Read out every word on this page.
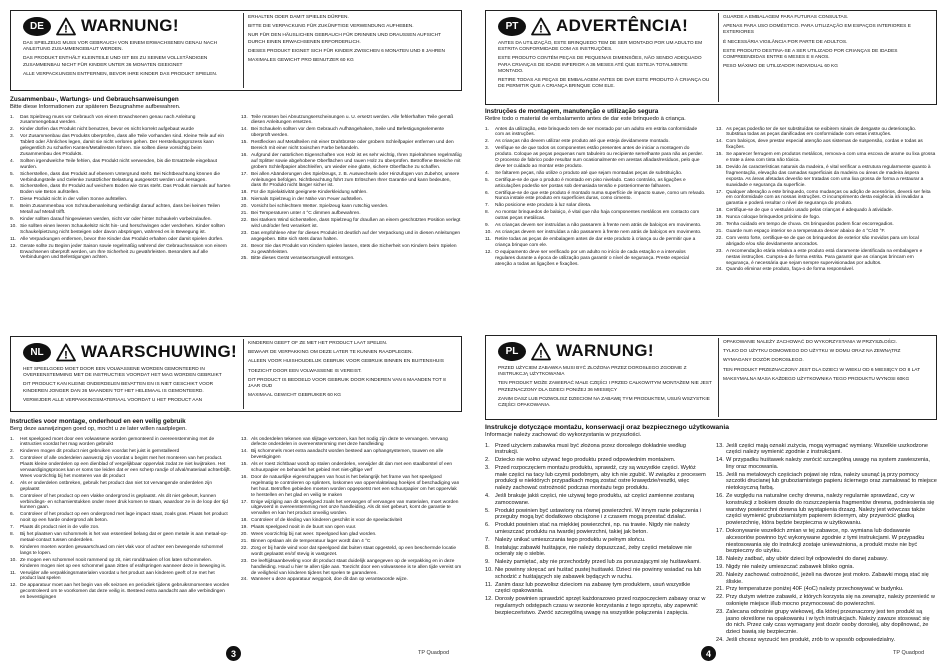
DE	! WARNUNG!

DAS SPIELZEUG MUSS VOR GEBRAUCH VON EINEM ERWACHSENEN GENAU NACH ANLEITUNG ZUSAMMENGEBAUT WERDEN.

DAS PRODUKT ENTHÄLT KLEINTEILE UND IST BIS ZU SEINEM VOLLSTÄNDIGEN ZUSAMMENBAU NICHT FÜR KINDER UNTER 36 MONATEN GEEIGNET

ALLE VERPACKUNGEN ENTFERNEN, BEVOR IHRE KINDER DAS PRODUKT SPIELEN.

ERHALTEN ODER DAMIT SPIELEN DÜRFEN.

BITTE DIE VERPACKUNG FÜR ZUKÜNFTIGE VERWENDUNG AUFHEBEN.

NUR FÜR DEN HÄUSLICHEN GEBRAUCH FÜR DRINNEN UND DRAUSSEN AUFSICHT DURCH EINEN ERWACHSENEN ERFORDERLICH.

DIESES PRODUKT EIGNET SICH FÜR KINDER ZWISCHEN 6 MONATEN UND 8 JAHREN

MAXIMALES GEWICHT PRO BENUTZER 60 KG

Zusammenbau-, Wartungs- und Gebrauchsanweisungen
Bitte diese Informationen zur späteren Bezugnahme aufbewahren.
1.	Das Spielzeug muss vor Gebrauch von einem Erwachsenen genau nach Anleitung zusammengebaut werden.
2.	Kinder dürfen das Produkt nicht benutzen, bevor es nicht korrekt aufgebaut wurde
3.	Vor Zusammenbau das Produkts überprüfen, dass alle Teile vorhanden sind. Kleine Teile auf ein Tablett oder Ähnliches legen, damit sie nicht verloren gehen. Der Herstellungsprozess kann gelegentlich zu scharfen Kanten/Metallresten führen. Sie sollten diese vorsichtig beim Zusammenbau des Produkts.
4.	Sollten irgendwelche Teile fehlen, das Produkt nicht verwenden, bis die Ersatzteile eingebaut wurden.
5.	Sicherstellen, dass das Produkt auf ebenem Untergrund steht. Bei Nichtbeachtung können die Verbindungsteile und Gelenke zusätzlicher Belastung ausgesetzt werden und versagen.
6.	Sicherstellen, dass Ihr Produkt auf weichem Boden wie Gras steht. Das Produkt niemals auf harten Boden wie Beton aufstellen.
7.	Diese Produkt nicht in der vollen Sonne aufstellen.
8.	Beim Zusammenbau von Schraubenanleitung verbindigt darauf achten, dass bei keinen Teilen Metall auf Metall trifft.
9.	Kinder sollten darauf hingewiesen werden, nicht vor oder hinter Schaukeln vorbeizulaufen.
10. Sie sollten einen leeren Schaukelsitz nicht hin- und herschwingen oder verdrehen. Kinder sollten Schaukelpietzung nicht besteigen oder davon abspringen, während es in Bewegung ist.
11. Alle Verpackungen entfernen, bevor Ihre Kinder das Produkt erhalten oder damit spielen dürfen.
12. Gerate sollte zu Beginn jeder Saison sowie regelmäßig während der Gebrauchssaison von einem Erwachsenen überprüft werden, um Ihre Sicherheit zu gewährleisten. Besonders auf alle Verbindungen und Befestigungen achten.
13. Teile müssen bei Abnutzungserscheinungen u. U. ersetzt werden. Alle fehlerhaften Teile gemäß diesen Anleitungen ersetzen.
14. Bei Schaukeln sollten vor dem Gebrauch Aufhängehaken, Seile und Befestigungselemente überprüft werden.
15. Restflecken auf Metallteilen mit einer Drahtbürste oder grobem Schleifpapier entfernen und den Bereich mit einer nicht toxischen Farbe behandeln.
16. Aufgrund der natürlichen Eigenschaften von Holz ist es sehr wichtig, Ihren Spielrahmen regelmäßig auf Splitter sowie abgehobene Oberflächen und rauen Holz zu überprüfen. Betroffene Bereiche mit grobem Schleifpapier abschleifen, um wieder eine glatte, sichere Oberfläche zu schaffen.
17. Bei allen Abänderungen des Spielzeugs, z. B. Auswechseln oder Hinzufügen von Zubehör, unsere Anleitungen befolgen. Nichtbeachtung führt zum Erlöschen Ihrer Garantie und kann bedeuten, dass Ihr Produkt nicht länger sicher ist.
18. Für die Spielaktivität geeignete Kinderkleidung wählen.
19. Niemals Spielzeug in der Nähe von Feuer aufstellen.
20. Vorsicht bei schlechtem Wetter. Spielzeug kann rutschig werden.
21. Bei Temperaturen unter 4 °C dimmen aufbewahren.
22. Bei starkem Wind sicherstellen, dass Spielzeug für draußen an einem geschützten Position verlegt wird und/oder fest verankert ist.
23. Das empfohlene Alter für dieses Produkt ist deutlich auf der Verpackung und in diesen Anleitungen angegeben. Bitte sich stets daran halten.
24. Bevor Sie das Produkt von Kindern spielen lassen, stets die Sicherheit von Kindern beim Spielen zu gewährleisten.
25. Bitte dieses Gerät verantwortungsvoll entsorgen.
NL	! WAARSCHUWING!

HET SPEELGOED MOET DOOR EEN VOLWASSENE WORDEN GEMONTEERD IN OVEREENSTEMMING MET DE INSTRUCTIES VOORDAT HET MAG WORDEN GEBRUIKT

DIT PRODUCT KAN KLEINE ONDERDELEN BEVATTEN EN IS NIET GESCHIKT VOOR KINDEREN JONGER DAN 36 MAANDEN TOT HET HELEMAAL IS GEMONTEERD.

VERWIJDER ALLE VERPAKKINGSMATERIAAL VOORDAT U HET PRODUCT AAN

KINDEREN GEEFT OF ZE MET HET PRODUCT LAAT SPELEN.

BEWAAR DE VERPAKKING OM DEZE LATER TE KUNNEN RAADPLEGEN.

ALLEEN VOOR HUISHOUDELIJK GEBRUIK VOOR GEBRUIK BINNEN EN BUITENSHUIS

TOEZICHT DOOR EEN VOLWASSENE IS VEREIST.

DIT PRODUCT IS BEDOELD VOOR GEBRUIK DOOR KINDEREN VAN 6 MAANDEN TOT 8 JAAR OUD

MAXIMAAL GEWICHT GEBRUIKER 60 KG

Instructies voor montage, onderhoud en een veilig gebruik
Berg deze aanwijzingen goed op, mocht u ze later willen raadplegen.
1.	Het speelgoed moet door een volwassene worden gemonteerd in overeenstemming met de instructies voordat het mag worden gebruikt
2.	Kinderen mogen dit product niet gebruiken voordat het juist is geïnstalleerd
3.	Controleer of alle onderdelen aanwezig zijn voordat u begint met het monteren van het product. Plaats kleine onderdelen op een dienblad of vergelijkbaar oppervlak zodat ze niet kwijtraken. Het vervaardigingsproces kan er soms toe leiden dat er een scherp randje of afval/materiaal achterblijft. Wees voorzichtig bij het monteren van dit product
4.	Als er onderdelen ontbreken, gebruik het product dan niet tot vervangende onderdelen zijn geplaatst
5.	Controleer of het product op een vlakke ondergrond is geplaatst. Als dit niet gebeurt, kunnen verbindings- en scharnierstukken onder meer druk komen te staan, waardoor ze in de loop der tijd kunnen gaan.
6.	Controleer of het product op een ondergrond met lage impact staat, zoals gras. Plaats het product nooit op een harde ondergrond als beton.
7.	Plaats dit product niet in de volle zon.
8.	Bij het plaatsen van schommels is het van essentieel belang dat er geen metale is aan metaal-op-metaal-contact tussen onderdelen.
9.	Kinderen moeten worden gewaarschuwd om niet vlak voor of achter een bewegende schommel langs te lopen.
10. Ze mogen een schommel nooit rammend op zit, niet ronddraaien of los laten schommelen. Kinderen mogen niet op een schommel gaan zitten of erafspringen wanneer deze in beweging is.
11. Verwijder alle verpakkingsmaterialen voordat u het product aan kinderen geeft of ze met het product laat spelen
12. De apparatuur moet aan het begin van elk seizoen en periodiek tijdens gebruiksmomenten worden gecontroleerd om te voorkomen dat deze veilig is. Besteed extra aandacht aan alle verbindingen en bevestigingen
13. Als onderdelen tekenen van slijtage vertonen, kan het nodig zijn deze te vervangen. Vervang defecte onderdelen in overeenstemming met deze handleiding
14. Bij schommels moet extra aandacht worden besteed aan ophangsystemen, touwen en alle bevestigingen
15. Als er roest zichtbaar wordt op stalen onderdelen, verwijder dit dan met een staalborstel of een schuurpapier en behandel het gebied met niet-giftige verf
16. Door de natuurlijke eigenschappen van hout is het belangrijk het frame van het speelgoed regelmatig te controleren op splinters, loskomen van oppervlaktelaag hoekjes of beschadiging van het hout. Betroffen gebieden moeten worden opgepoetst met een schuurpapier om het oppervlak te herstellen en het glad en veilig te maken
17. Enige wijziging aan dit speelgoed zoals het vervangen of vervangen van materialen, moet worden uitgevoerd in overeenstemming met onze handleiding. Als dit niet gebeurt, komt de garantie te vervallen en kan het product onveilig worden.
18. Controleer of de kleding van kinderen geschikt is voor de speelactiviteit
19. Plaats speelgoed nooit in de buurt van open vuur.
20. Wees voorzichtig bij nat weer. Speelgoed kan glad worden.
21. Binnen opslaan als de temperatuur lager wordt dan 4 °C
22. Zorg er bij harde wind voor dat speelgoed dat buiten staat opgesteld, op een beschermde locatie wordt geplaatst en/of stevig is vastgezet.
23. De leeftijdsaanbeveling voor dit product staat duidelijk aangegeven op de verpakking en in deze handleiding. Houd u hier te allen tijde aan. Toezicht door een volwassene is te allen tijde vereist om de veiligheid van kinderen tijdens het spelen te garanderen.
24. Wanneer u deze apparatuur weggooit, doe dit dan op verantwoorde wijze.
3	TP Quadpod
PT	! ADVERTÊNCIA!

ANTES DA UTILIZAÇÃO, ESTE BRINQUEDO TEM DE SER MONTADO POR UM ADULTO EM ESTRITA CONFORMIDADE COM AS INSTRUÇÕES.

ESTE PRODUTO CONTÉM PEÇAS DE PEQUENAS DIMENSÕES, NÃO SENDO ADEQUADO PARA CRIANÇAS DE IDADE INFERIOR A 36 MESES ATÉ QUE ESTEJA TOTALMENTE MONTADO.

RETIRE TODAS AS PEÇAS DE EMBALAGEM ANTES DE DAR ESTE PRODUTO À CRIANÇA OU DE PERMITIR QUE A CRIANÇA BRINQUE COM ELE.

GUARDE A EMBALAGEM PARA FUTURAS CONSULTAS.

APENAS PARA USO DOMÉSTICO. PARA UTILIZAÇÃO EM ESPAÇOS INTERIORES E EXTERIORES

É NECESSÁRIA VIGILÂNCIA POR PARTE DE ADULTOS.

ESTE PRODUTO DESTINA-SE A SER UTILIZADO POR CRIANÇAS DE IDADES COMPREENDIDAS ENTRE 6 MESES E 8 ANOS.

PESO MÁXIMO DE UTILIZADOR INDIVIDUAL 60 KG

Instruções de montagem, manutenção e utilização segura
Retire todo o material de embalamento antes de dar este brinquedo à criança.
1.	Antes da utilização, este brinquedo tem de ser montado por um adulto em estrita conformidade com as instruções.
2.	As crianças não devem utilizar este produto até que esteja devidamente montado.
3.	Verifique se de que todos os componentes estão presentes antes de iniciar a montagem do produto. Coloque as peças pequenas num tabuleiro ou recipiente semelhante para não as perder. O processo de fabrico pode resultar num ocasionalmente em arestas afiadas/resíduos, pelo que deve ter cuidado ao montar este produto.
4.	Se faltarem peças, não utilize o produto até que sejam montadas peças de substituição.
5.	Certifique-se de que o produto é montado em piso nivelado. Caso contrário, as ligações e articulações poderão ser postas sob demasiada tensão e posteriormente falharem.
6.	Certifique-se de que este produto é montado numa superfície de impacto suave, como um relvado. Nunca instale este produto em superfícies duras, como cimento.
7.	Não posicione este produto à luz solar direta.
8.	Ao montar brinquedos de baloiço, é vital que não haja componentes metálicos em contacto com outras peças metálicas.
9.	As crianças devem ser instruídas a não passarem à frente nem atrás de baloiços em movimento.
10. As crianças devem ser instruídas a não passarem à frente nem atrás de baloiços em movimento.
11. Retire todas as peças de embalagem antes de dar este produto à criança ou de permitir que a criança brinque com ele.
12. O equipamento deve ser verificado por um adulto no início de cada estação e a intervalos regulares durante a época de utilização para garantir o nível de segurança. Preste especial atenção a todas as ligações e fixações.
13. As peças poderão ter de ser substituídas se exibirem sinais de desgaste ou deterioração. Substitua todas as peças danificadas em conformidade com estas instruções.
14. Com baloiços, deve prestar especial atenção aos sistemas de suspensão, cordas e todas as fixações.
15. Se aparecer ferrugem em produtos metálicos, remova-a com uma escova de arame ou lixa grossa e trate a área com tinta não tóxica.
16. Devido às características naturais da madeira, é vital verificar a estrutura regularmente quanto à fragmentação, elevação das camadas superficiais da madeira ou áreas de madeira áspera exposta. As áreas afetadas deverão ser tratadas com uma lixa grossa de forma a restaurar a suavidade e segurança da superfície.
17. Qualquer alteração a este brinquedo, como mudanças ou adição de acessórios, deverá ser feita em conformidade com as nossas instruções. O incumprimento desta exigência irá invalidar a garantia e poderá resultar o nível de segurança do produto.
18. Certifique-se de que o vestuário usado pelas crianças é adequado à atividade.
19. Nunca coloque brinquedos próximo de fogo.
20. Tenha cuidado em tempo de chuva. Os brinquedos podem ficar escorregadios.
21. Guarde num espaço interior se a temperatura descer abaixo de 4 °C/40 °F.
22. Com vento forte, certifique-se de que os brinquedos de exterior são movidos para um local abrigado e/ou são devidamente ancorados.
23. A recomendação etária relativa a este produto está claramente identificada na embalagem e nestas instruções. Cumpra-a de forma estrita. Para garantir que as crianças brincam em segurança, é necessária que sejam sempre supervisionadas por adultos.
24. Quando eliminar este produto, faça-o de forma responsável.
PL	! WARNUNG!

PRZED UŻYCIEM ZABAWKA MUSI BYĆ ZŁOŻONA PRZEZ DOROSŁEGO ZGODNIE Z INSTRUKCJĄ UŻYTKOWANIA

TEN PRODUKT MOŻE ZAWIERAĆ MAŁE CZĘŚCI I PRZED CAŁKOWITYM MONTAŻEM NIE JEST PRZEZNACZONY DLA DZIECI PONIŻEJ 36 MIESIĘCY

ZANIM DASZ LUB POZWOLISZ DZIECIOM NA ZABAWĘ TYM PRODUKTEM, USUŃ WSZYSTKIE CZĘŚCI OPAKOWANIA.

OPAKOWANIE NALEŻY ZACHOWAĆ DO WYKORZYSTANIA W PRZYSZŁOŚCI.

TYLKO DO UŻYTKU DOMOWEGO DO UŻYTKU W DOMU ORAZ NA ZEWNĄTRZ

WYMAGANY DOZÓR DOROSŁEGO.

TEN PRODUKT PRZEZNACZONY JEST DLA DZIECI W WIEKU OD 6 MIESIĘCY DO 8 LAT

MAKSYMALNA MASA KAŻDEGO UŻYTKOWNIKA TEGO PRODUKTU WYNOSI 60KG

Instrukcje dotyczące montażu, konserwacji oraz bezpiecznego użytkowania
Informacje należy zachować do wykorzystania w przyszłości.
1. Przed użyciem zabawka musi być złożona przez dorosłego dokładnie według instrukcji.
2. Dziecko nie wolno używać tego produktu przed odpowiednim montażem.
3. Przed rozpoczęciem montażu produktu, sprawdź, czy są wszystkie części. Wyłóż małe części na tacy lub czymś podobnym, aby ich nie zgubić. W związku z procesem produkcji w niektórych przypadkach mogą zostać ostre krawędzie/resztki, więc należy zachować ostrożność podczas montażu tego produktu.
4. Jeśli brakuje jakiś części, nie używaj tego produktu, aż części zamienne zostaną zamocowane.
5. Produkt powinien być ustawiony na równej powierzchni. W innym razie połączenia i przeguby mogą być dodatkowo obciążone i z czasem mogą przestać działać.
6. Produkt powinien stać na miękkiej powierzchni, np. na trawie. Nigdy nie należy umieszczać produktu na twardej powierzchni, takiej jak beton.
7. Należy unikać umieszczania tego produktu w pełnym słońcu.
8. Instalując zabawki huśtające, nie należy dopuszczać, żeby części metalowe nie ocierały się o siebie.
9. Należy pamiętać, aby nie przechodziły przed lub za poruszającymi się huśtawkami.
10. Nie powinny skręcać ani huśtać pustej huśtawki. Dzieci nie powinny wsiadać na lub schodzić z huśtających się zabawek będących w ruchu.
11. Zanim dasz lub pozwolisz dzieciom na zabawę tym produktem, usuń wszystkie części opakowania.
12. Dorosły powinien sprawdzić sprzęt każdorazowo przed rozpoczęciem zabawy oraz w regularnych odstępach czasu w sezonie korzystania z tego sprzętu, aby zapewnić bezpieczeństwo. Zwróć szczególną uwagę na wszystkie połączenia i zapięcia.
13. Jeśli części mają oznaki zużycia, mogą wymagać wymiany. Wszelkie uszkodzone części należy wymienić zgodnie z instrukcjami.
14. W przypadku huśtawek należy zwrócić szczególną uwagę na system zawieszenia, liny oraz mocowania.
15. Jeśli na metalowych częściach pojawi się rdza, należy usunąć ją przy pomocy szczotki drucianej lub gruboziarnistego papieru ściernego oraz zamalować to miejsce nietoksyczną farbą.
16. Ze względu na naturalne cechy drewna, należy regularnie sprawdzać, czy w konstrukcji z bokiem doszło do rozszczepienia fragmentów drewna, podniesienia się warstwy powierzchni drewna lub wystąpienia drzazg. Należy jest wówczas także części wymienić gruboziarnistym papierem ściernym, aby przywrócić gładką powierzchnię, która będzie bezpieczna w użytkowaniu.
17. Dokonywanie wszelkich zmian w tej zabawce, np. wymiana lub dodawanie akcesoriów powinno być wykonywane zgodnie z tymi instrukcjami. W przypadku niestosowania się do instrukcji zostaje unieważniona, a produkt może nie być bezpieczny do użytku.
18. Należy zadbać, aby ubiór dzieci był odpowiedni do danej zabawy.
19. Nigdy nie należy umieszczać zabawek blisko ognia.
20. Należy zachować ostrożność, jeżeli na dworze jest mokro. Zabawki mogą stać się śliskie.
21. Przy temperaturze poniżej 40F (4oC) należy przechowywać w budynku.
22. Przy dużym wietrze zabawki, z których korzysta się na zewnątrz, należy przenieść w osłonięte miejsce i/lub mocno przymocować do powierzchni.
23. Zalecana odnośnie grupy wiekowej, dla której przeznaczony jest ten produkt są jasno określone na opakowaniu i w tych instrukcjach. Należy zawsze stosować się do nich. Przez cały czas wymagany jest dozór osoby dorosłej, aby dopilnować, że dzieci bawią się bezpiecznie.
24. Jeśli chcesz wyrzucić ten produkt, zrób to w sposób odpowiedzialny.
4	TP Quadpod
